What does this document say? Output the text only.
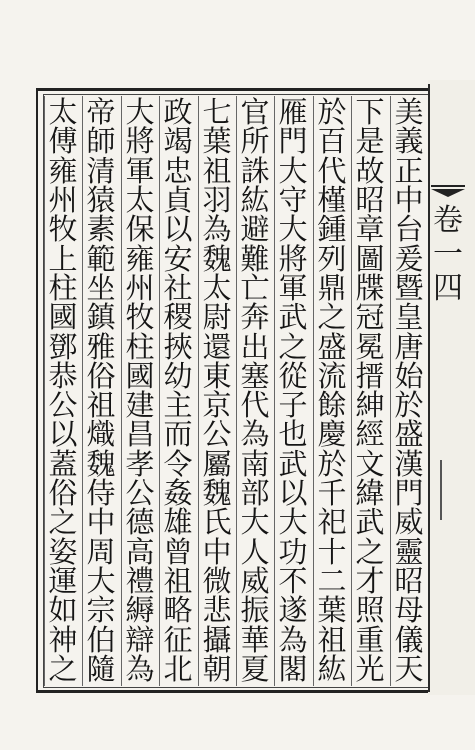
美
義
正
中
台
爰
暨
皇
唐
始
於
盛
漢
門
威
靈
昭
母
儀
天
下
是
故
昭
章
圖
牒
冠
冕
搢
紳
經
文
緯
武
之
才
照
重
光
於
百
代
槿
鍾
列
鼎
之
盛
流
餘
慶
於
千
祀
十
二
葉
祖
紘
雁
門
大
守
大
將
軍
武
之
從
子
也
武
以
大
功
不
遂
為
閣
官
所
誅
紘
避
難
亡
奔
出
塞
代
為
南
部
大
人
威
振
華
夏
七
葉
祖
羽
為
魏
太
尉
還
東
京
公
屬
魏
氏
中
微
悲
攝
朝
政
竭
忠
貞
以
安
社
稷
挾
幼
主
而
令
姦
雄
曾
祖
略
征
北
大
將
軍
太
保
雍
州
牧
柱
國
建
昌
孝
公
德
高
禮
縟
辯
為
帝
師
清
猿
素
範
坐
鎮
雅
俗
祖
熾
魏
侍
中
周
大
宗
伯
隨
太
傅
雍
州
牧
上
柱
國
鄧
恭
公
以
蓋
俗
之
姿
運
如
神
之
卷
一
四
